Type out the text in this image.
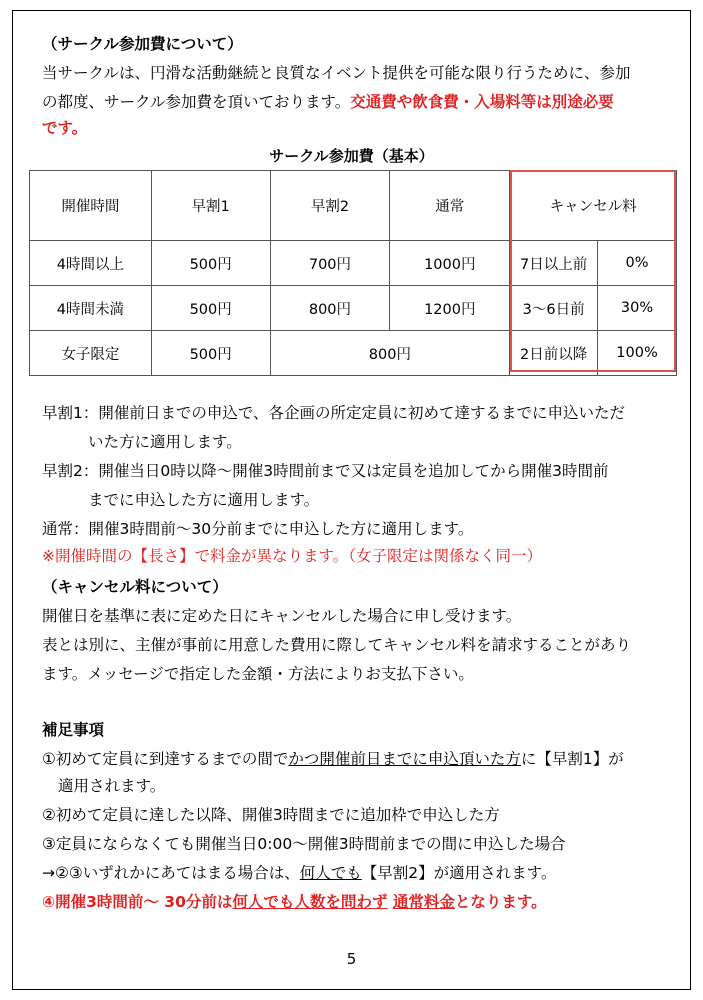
（サークル参加費について）
当サークルは、円滑な活動継続と良質なイベント提供を可能な限り行うために、参加
の都度、サークル参加費を頂いております。交通費や飲食費・入場料等は別途必要
です。
サークル参加費（基本）
開催時間	早割1	早割2	通常	キャンセル料	
4時間以上	500円	700円	1000円	7日以上前	0%
4時間未満	500円	800円	1200円	3～6日前	30%
女子限定	500円	800円		2日前以降	100%
早割1：開催前日までの申込で、各企画の所定定員に初めて達するまでに申込いただ
いた方に適用します。
早割2：開催当日0時以降～開催3時間前まで又は定員を追加してから開催3時間前
までに申込した方に適用します。
通常：開催3時間前～30分前までに申込した方に適用します。
※開催時間の【長さ】で料金が異なります。（女子限定は関係なく同一）
（キャンセル料について）
開催日を基準に表に定めた日にキャンセルした場合に申し受けます。
表とは別に、主催が事前に用意した費用に際してキャンセル料を請求することがあり
ます。メッセージで指定した金額・方法によりお支払下さい。
補足事項
①初めて定員に到達するまでの間でかつ開催前日までに申込頂いた方に【早割1】が
適用されます。
②初めて定員に達した以降、開催3時間までに追加枠で申込した方
③定員にならなくても開催当日0:00～開催3時間前までの間に申込した場合
→②③いずれかにあてはまる場合は、何人でも【早割2】が適用されます。
④開催3時間前～ 30分前は何人でも人数を問わず 通常料金となります。
5
